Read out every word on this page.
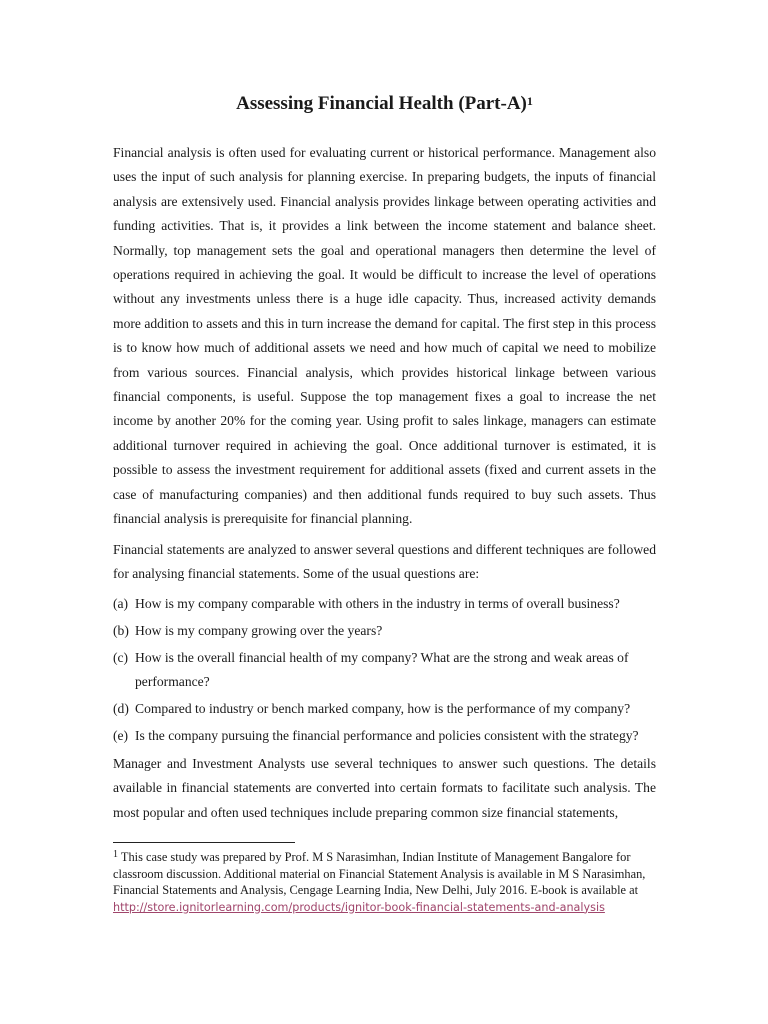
Assessing Financial Health (Part-A)$^1$

Financial analysis is often used for evaluating current or historical performance. Management also uses the input of such analysis for planning exercise. In preparing budgets, the inputs of financial analysis are extensively used. Financial analysis provides linkage between operating activities and funding activities. That is, it provides a link between the income statement and balance sheet. Normally, top management sets the goal and operational managers then determine the level of operations required in achieving the goal. It would be difficult to increase the level of operations without any investments unless there is a huge idle capacity. Thus, increased activity demands more addition to assets and this in turn increase the demand for capital. The first step in this process is to know how much of additional assets we need and how much of capital we need to mobilize from various sources. Financial analysis, which provides historical linkage between various financial components, is useful. Suppose the top management fixes a goal to increase the net income by another 20% for the coming year. Using profit to sales linkage, managers can estimate additional turnover required in achieving the goal. Once additional turnover is estimated, it is possible to assess the investment requirement for additional assets (fixed and current assets in the case of manufacturing companies) and then additional funds required to buy such assets. Thus financial analysis is prerequisite for financial planning.

Financial statements are analyzed to answer several questions and different techniques are followed for analysing financial statements. Some of the usual questions are:

(a) How is my company comparable with others in the industry in terms of overall business?
(b) How is my company growing over the years?
(c) How is the overall financial health of my company? What are the strong and weak areas of performance?
(d) Compared to industry or bench marked company, how is the performance of my company?
(e) Is the company pursuing the financial performance and policies consistent with the strategy?

Manager and Investment Analysts use several techniques to answer such questions. The details available in financial statements are converted into certain formats to facilitate such analysis. The most popular and often used techniques include preparing common size financial statements,

$^1$ This case study was prepared by Prof. M S Narasimhan, Indian Institute of Management Bangalore for classroom discussion. Additional material on Financial Statement Analysis is available in M S Narasimhan, Financial Statements and Analysis, Cengage Learning India, New Delhi, July 2016. E-book is available at
http://store.ignitorlearning.com/products/ignitor-book-financial-statements-and-analysis
